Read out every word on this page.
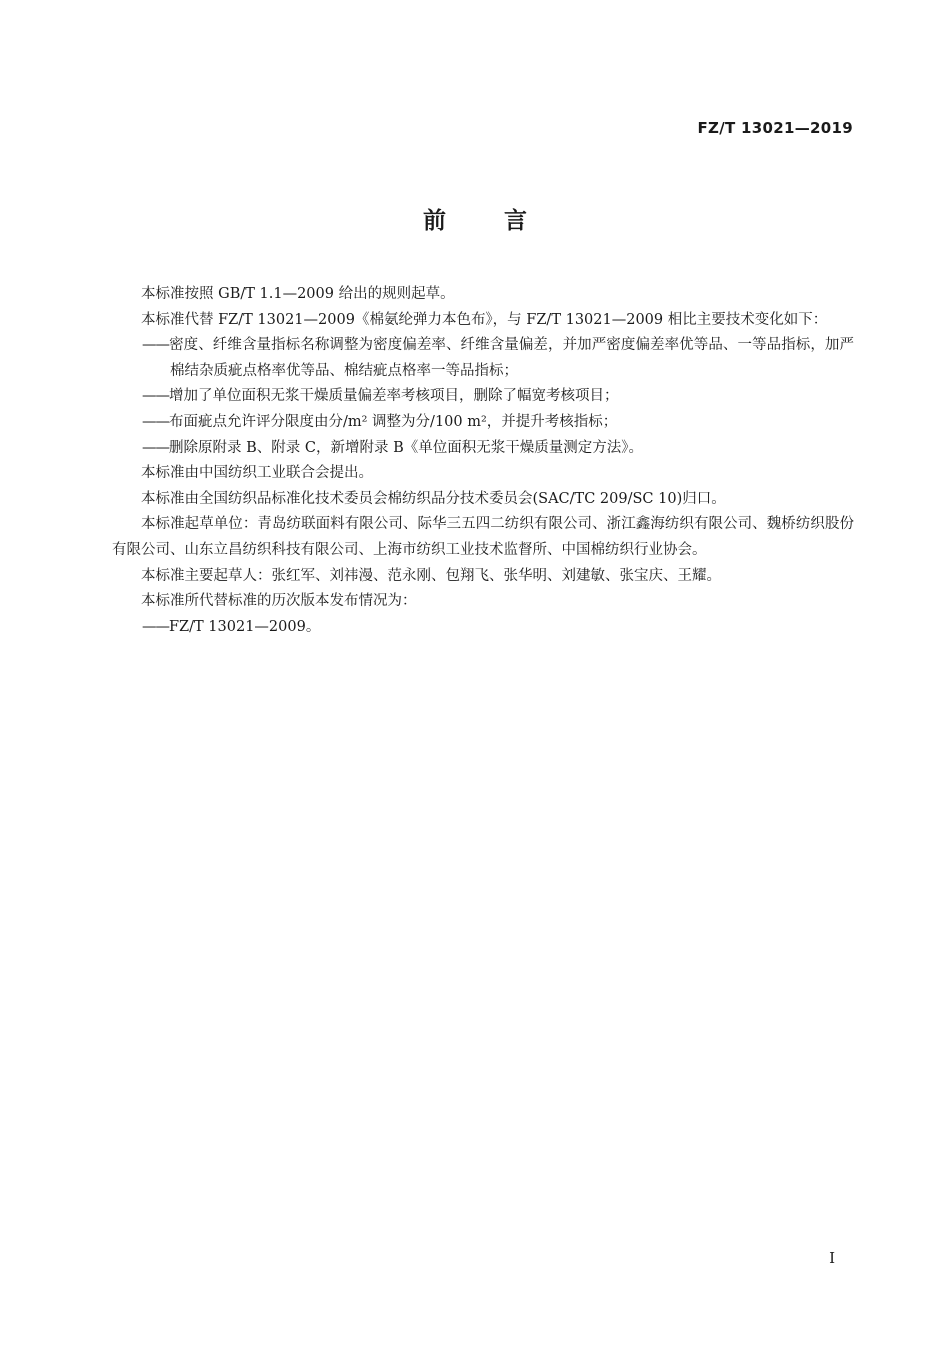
FZ/T 13021—2019
前言

本标准按照 GB/T 1.1—2009 给出的规则起草。

本标准代替 FZ/T 13021—2009《棉氨纶弹力本色布》，与 FZ/T 13021—2009 相比主要技术变化如下：

——密度、纤维含量指标名称调整为密度偏差率、纤维含量偏差，并加严密度偏差率优等品、一等品指标，加严棉结杂质疵点格率优等品、棉结疵点格率一等品指标；

——增加了单位面积无浆干燥质量偏差率考核项目，删除了幅宽考核项目；

——布面疵点允许评分限度由分/m² 调整为分/100 m²，并提升考核指标；

——删除原附录 B、附录 C，新增附录 B《单位面积无浆干燥质量测定方法》。

本标准由中国纺织工业联合会提出。

本标准由全国纺织品标准化技术委员会棉纺织品分技术委员会(SAC/TC 209/SC 10)归口。

本标准起草单位：青岛纺联面料有限公司、际华三五四二纺织有限公司、浙江鑫海纺织有限公司、魏桥纺织股份有限公司、山东立昌纺织科技有限公司、上海市纺织工业技术监督所、中国棉纺织行业协会。

本标准主要起草人：张红军、刘祎漫、范永刚、包翔飞、张华明、刘建敏、张宝庆、王耀。

本标准所代替标准的历次版本发布情况为：

——FZ/T 13021—2009。

I
